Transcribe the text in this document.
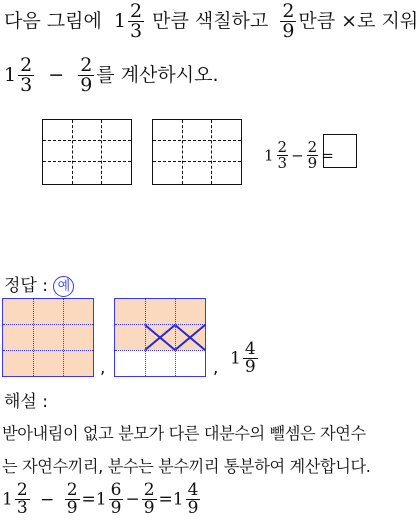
다음 그림에 $1 \frac{2}{3}$ 만큼 색칠하고 $\frac{2}{9}$ 만큼 ×로 지워
$1 \frac{2}{3} - \frac{2}{9}$ 를 계산하시오.
$1 \frac{2}{3} - \frac{2}{9}$ =
정답 : 예
,	, $1 \frac{4}{9}$
해설 :
받아내림이 없고 분모가 다른 대분수의 뺄셈은 자연수
는 자연수끼리, 분수는 분수끼리 통분하여 계산합니다.
$1 \frac{2}{3} - \frac{2}{9} =1 \frac{6}{9} - \frac{2}{9} =1 \frac{4}{9}$
